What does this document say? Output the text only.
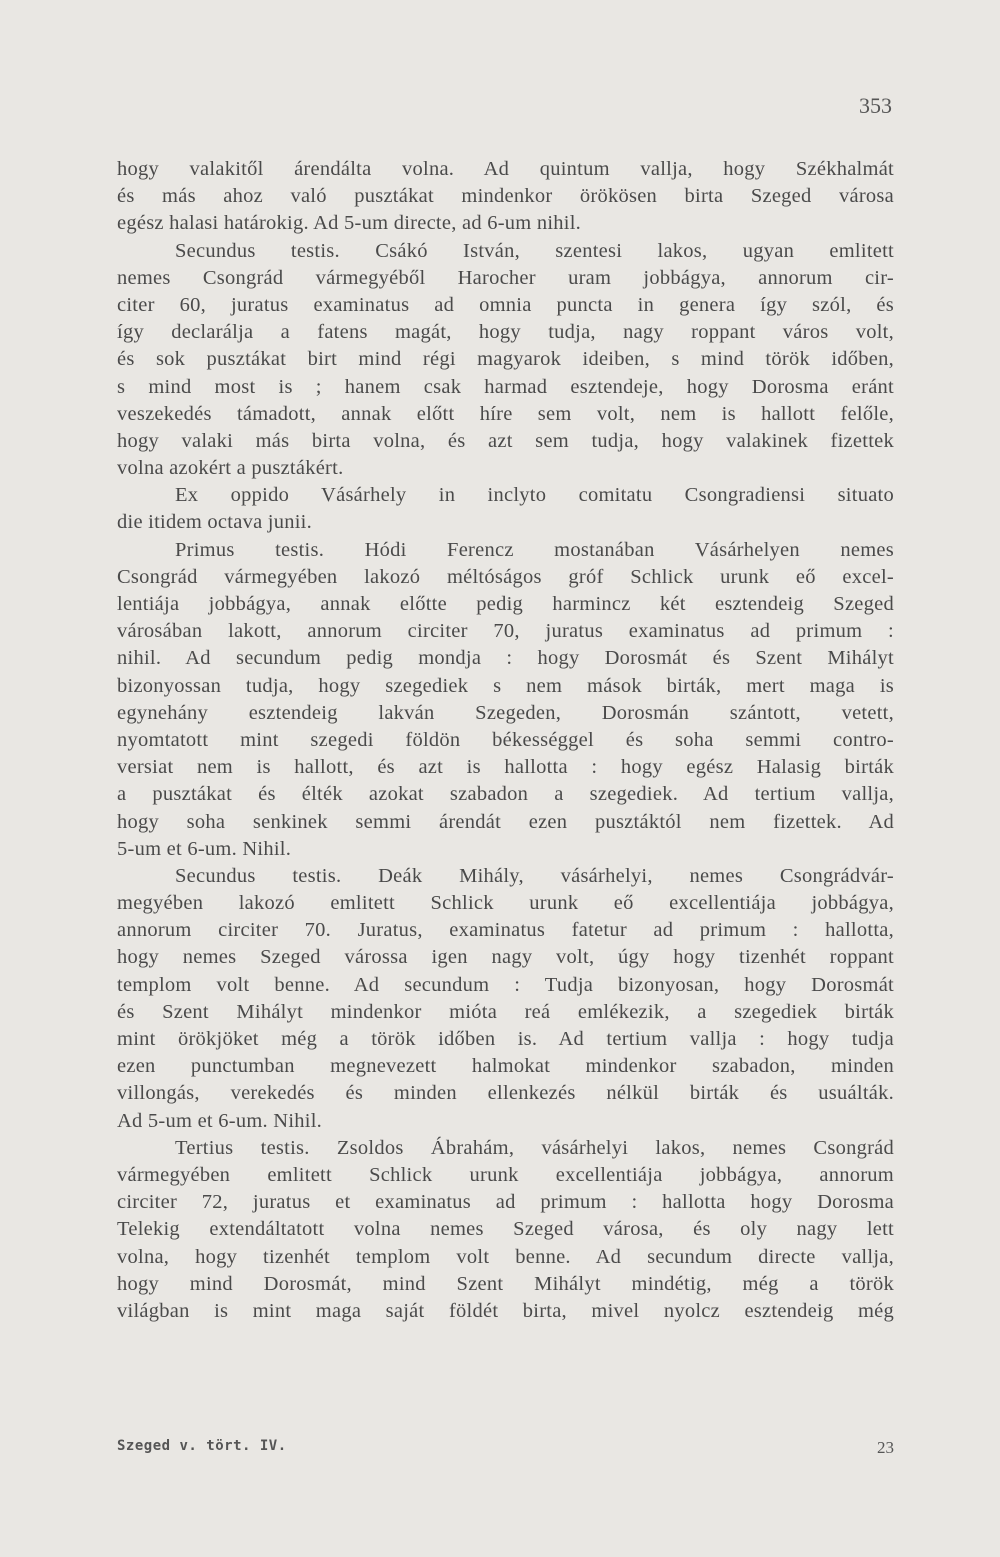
353
hogy valakitől árendálta volna. Ad quintum vallja, hogy Székhalmát
és más ahoz való pusztákat mindenkor örökösen birta Szeged városa
egész halasi határokig. Ad 5-um directe, ad 6-um nihil.
Secundus testis. Csákó István, szentesi lakos, ugyan emlitett
nemes Csongrád vármegyéből Harocher uram jobbágya, annorum cir-
citer 60, juratus examinatus ad omnia puncta in genera így szól, és
így declarálja a fatens magát, hogy tudja, nagy roppant város volt,
és sok pusztákat birt mind régi magyarok ideiben, s mind török időben,
s mind most is ; hanem csak harmad esztendeje, hogy Dorosma eránt
veszekedés támadott, annak előtt híre sem volt, nem is hallott felőle,
hogy valaki más birta volna, és azt sem tudja, hogy valakinek fizettek
volna azokért a pusztákért.
Ex oppido Vásárhely in inclyto comitatu Csongradiensi situato
die itidem octava junii.
Primus testis. Hódi Ferencz mostanában Vásárhelyen nemes
Csongrád vármegyében lakozó méltóságos gróf Schlick urunk eő excel-
lentiája jobbágya, annak előtte pedig harmincz két esztendeig Szeged
városában lakott, annorum circiter 70, juratus examinatus ad primum :
nihil. Ad secundum pedig mondja : hogy Dorosmát és Szent Mihályt
bizonyossan tudja, hogy szegediek s nem mások birták, mert maga is
egynehány esztendeig lakván Szegeden, Dorosmán szántott, vetett,
nyomtatott mint szegedi földön békességgel és soha semmi contro-
versiat nem is hallott, és azt is hallotta : hogy egész Halasig birták
a pusztákat és élték azokat szabadon a szegediek. Ad tertium vallja,
hogy soha senkinek semmi árendát ezen pusztáktól nem fizettek. Ad
5-um et 6-um. Nihil.
Secundus testis. Deák Mihály, vásárhelyi, nemes Csongrádvár-
megyében lakozó emlitett Schlick urunk eő excellentiája jobbágya,
annorum circiter 70. Juratus, examinatus fatetur ad primum : hallotta,
hogy nemes Szeged várossa igen nagy volt, úgy hogy tizenhét roppant
templom volt benne. Ad secundum : Tudja bizonyosan, hogy Dorosmát
és Szent Mihályt mindenkor mióta reá emlékezik, a szegediek birták
mint örökjöket még a török időben is. Ad tertium vallja : hogy tudja
ezen punctumban megnevezett halmokat mindenkor szabadon, minden
villongás, verekedés és minden ellenkezés nélkül birták és usuálták.
Ad 5-um et 6-um. Nihil.
Tertius testis. Zsoldos Ábrahám, vásárhelyi lakos, nemes Csongrád
vármegyében emlitett Schlick urunk excellentiája jobbágya, annorum
circiter 72, juratus et examinatus ad primum : hallotta hogy Dorosma
Telekig extendáltatott volna nemes Szeged városa, és oly nagy lett
volna, hogy tizenhét templom volt benne. Ad secundum directe vallja,
hogy mind Dorosmát, mind Szent Mihályt mindétig, még a török
világban is mint maga saját földét birta, mivel nyolcz esztendeig még
Szeged v. tört. IV.	23
